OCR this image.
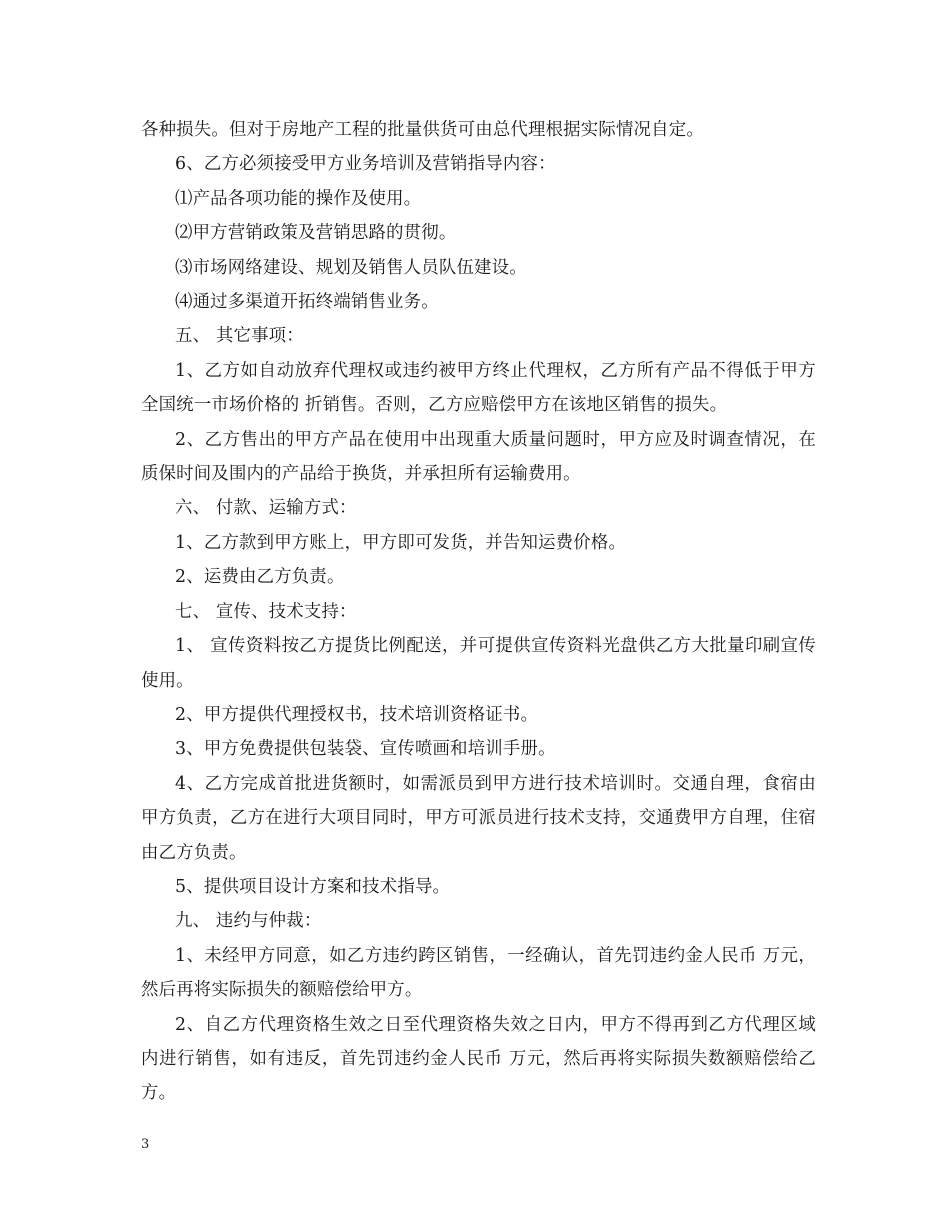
各种损失。但对于房地产工程的批量供货可由总代理根据实际情况自定。

6、乙方必须接受甲方业务培训及营销指导内容：

⑴产品各项功能的操作及使用。

⑵甲方营销政策及营销思路的贯彻。

⑶市场网络建设、规划及销售人员队伍建设。

⑷通过多渠道开拓终端销售业务。

五、 其它事项：

1、乙方如自动放弃代理权或违约被甲方终止代理权，乙方所有产品不得低于甲方全国统一市场价格的 折销售。否则，乙方应赔偿甲方在该地区销售的损失。

2、乙方售出的甲方产品在使用中出现重大质量问题时，甲方应及时调查情况，在质保时间及围内的产品给于换货，并承担所有运输费用。

六、 付款、运输方式：

1、乙方款到甲方账上，甲方即可发货，并告知运费价格。

2、运费由乙方负责。

七、 宣传、技术支持：

1、 宣传资料按乙方提货比例配送，并可提供宣传资料光盘供乙方大批量印刷宣传使用。

2、甲方提供代理授权书，技术培训资格证书。

3、甲方免费提供包装袋、宣传喷画和培训手册。

4、乙方完成首批进货额时，如需派员到甲方进行技术培训时。交通自理，食宿由甲方负责，乙方在进行大项目同时，甲方可派员进行技术支持，交通费甲方自理，住宿由乙方负责。

5、提供项目设计方案和技术指导。

九、 违约与仲裁：

1、未经甲方同意，如乙方违约跨区销售，一经确认，首先罚违约金人民币 万元，然后再将实际损失的额赔偿给甲方。

2、自乙方代理资格生效之日至代理资格失效之日内，甲方不得再到乙方代理区域内进行销售，如有违反，首先罚违约金人民币 万元，然后再将实际损失数额赔偿给乙方。

3
